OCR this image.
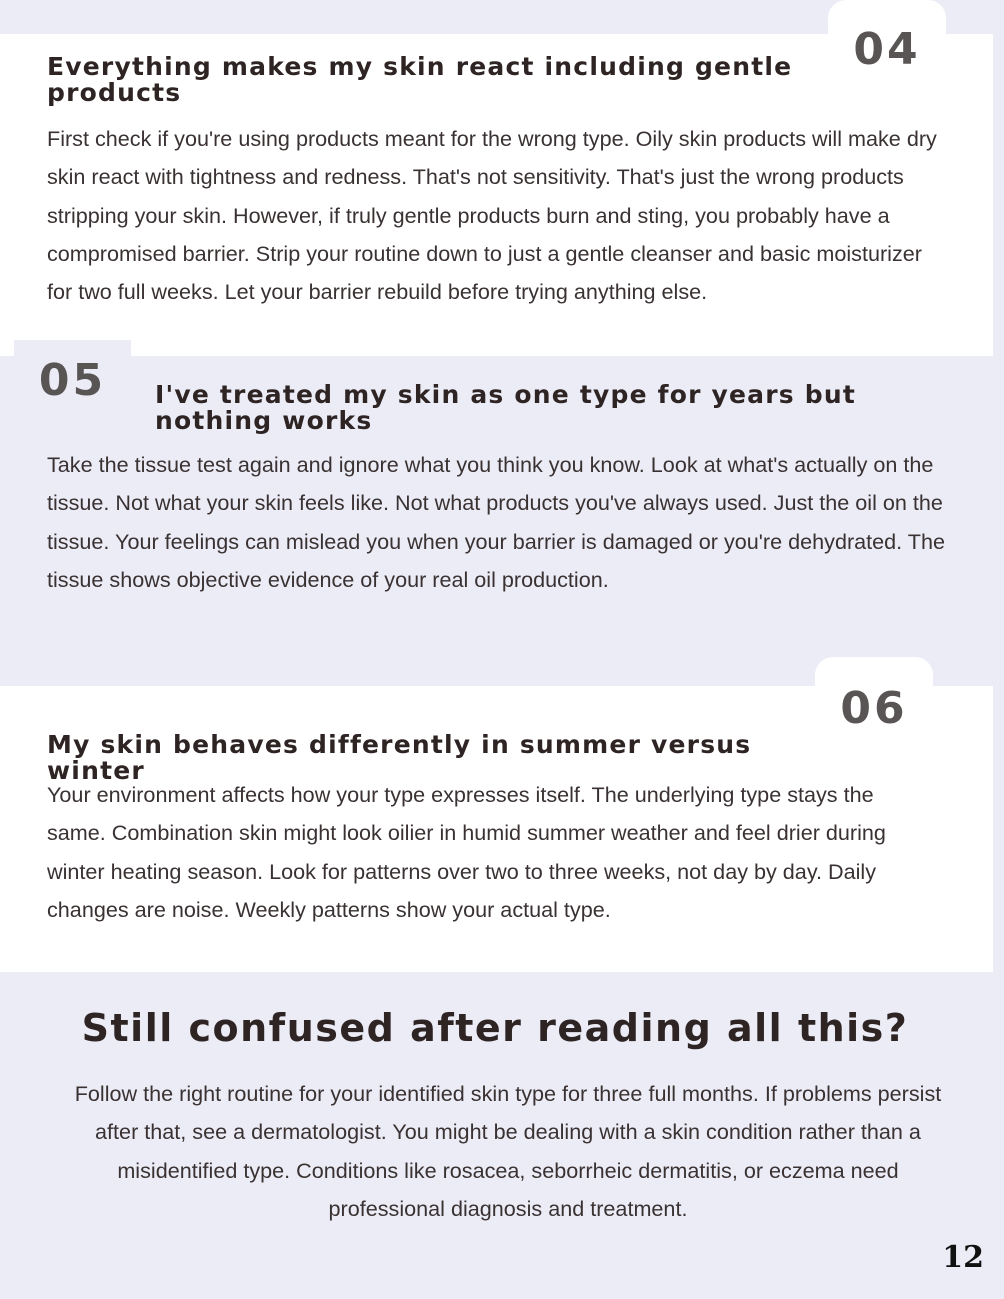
Everything makes my skin react including gentle products

First check if you're using products meant for the wrong type. Oily skin products will make dry skin react with tightness and redness. That's not sensitivity. That's just the wrong products stripping your skin. However, if truly gentle products burn and sting, you probably have a compromised barrier. Strip your routine down to just a gentle cleanser and basic moisturizer for two full weeks. Let your barrier rebuild before trying anything else.

05	I've treated my skin as one type for years but nothing works

Take the tissue test again and ignore what you think you know. Look at what's actually on the tissue. Not what your skin feels like. Not what products you've always used. Just the oil on the tissue. Your feelings can mislead you when your barrier is damaged or you're dehydrated. The tissue shows objective evidence of your real oil production.

My skin behaves differently in summer versus winter

Your environment affects how your type expresses itself. The underlying type stays the same. Combination skin might look oilier in humid summer weather and feel drier during winter heating season. Look for patterns over two to three weeks, not day by day. Daily changes are noise. Weekly patterns show your actual type.

Still confused after reading all this?

Follow the right routine for your identified skin type for three full months. If problems persist after that, see a dermatologist. You might be dealing with a skin condition rather than a misidentified type. Conditions like rosacea, seborrheic dermatitis, or eczema need professional diagnosis and treatment.

12
